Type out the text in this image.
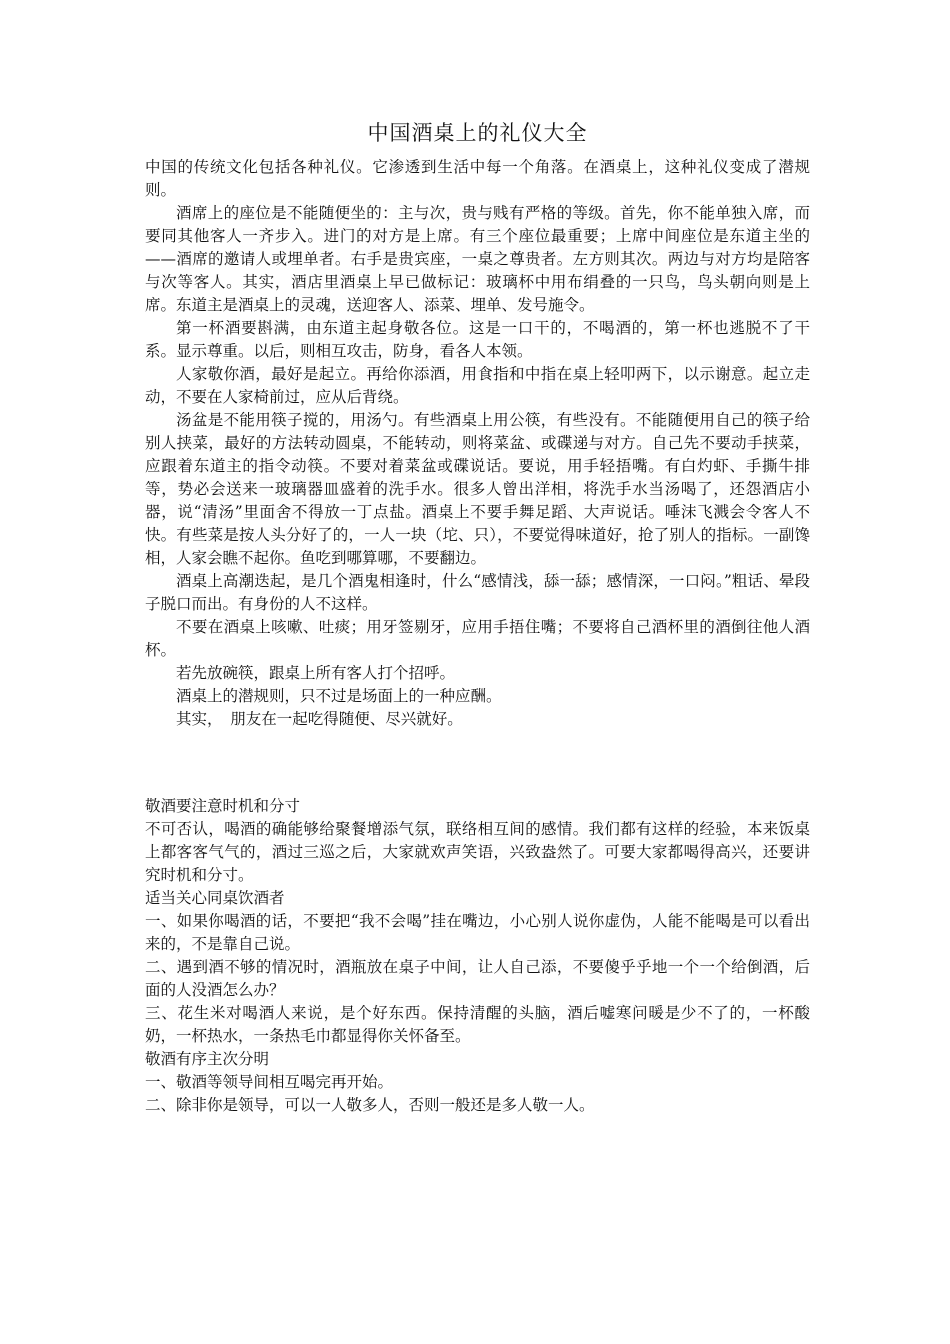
中国酒桌上的礼仪大全

中国的传统文化包括各种礼仪。它渗透到生活中每一个角落。在酒桌上，这种礼仪变成了潜规则。

酒席上的座位是不能随便坐的：主与次，贵与贱有严格的等级。首先，你不能单独入席，而要同其他客人一齐步入。进门的对方是上席。有三个座位最重要；上席中间座位是东道主坐的——酒席的邀请人或埋单者。右手是贵宾座，一桌之尊贵者。左方则其次。两边与对方均是陪客与次等客人。其实，酒店里酒桌上早已做标记：玻璃杯中用布绢叠的一只鸟，鸟头朝向则是上席。东道主是酒桌上的灵魂，送迎客人、添菜、埋单、发号施令。

第一杯酒要斟满，由东道主起身敬各位。这是一口干的，不喝酒的，第一杯也逃脱不了干系。显示尊重。以后，则相互攻击，防身，看各人本领。

人家敬你酒，最好是起立。再给你添酒，用食指和中指在桌上轻叩两下，以示谢意。起立走动，不要在人家椅前过，应从后背绕。

汤盆是不能用筷子搅的，用汤勺。有些酒桌上用公筷，有些没有。不能随便用自己的筷子给别人挟菜，最好的方法转动圆桌，不能转动，则将菜盆、或碟递与对方。自己先不要动手挟菜，应跟着东道主的指令动筷。不要对着菜盆或碟说话。要说，用手轻捂嘴。有白灼虾、手撕牛排等，势必会送来一玻璃器皿盛着的洗手水。很多人曾出洋相，将洗手水当汤喝了，还怨酒店小器，说“清汤”里面舍不得放一丁点盐。酒桌上不要手舞足蹈、大声说话。唾沫飞溅会令客人不快。有些菜是按人头分好了的，一人一块（坨、只），不要觉得味道好，抢了别人的指标。一副馋相，人家会瞧不起你。鱼吃到哪算哪，不要翻边。

酒桌上高潮迭起，是几个酒鬼相逢时，什么“感情浅，舔一舔；感情深，一口闷。”粗话、晕段子脱口而出。有身份的人不这样。

不要在酒桌上咳嗽、吐痰；用牙签剔牙，应用手捂住嘴；不要将自己酒杯里的酒倒往他人酒杯。

若先放碗筷，跟桌上所有客人打个招呼。

酒桌上的潜规则，只不过是场面上的一种应酬。

其实，　朋友在一起吃得随便、尽兴就好。

敬酒要注意时机和分寸

不可否认，喝酒的确能够给聚餐增添气氛，联络相互间的感情。我们都有这样的经验，本来饭桌上都客客气气的，酒过三巡之后，大家就欢声笑语，兴致盎然了。可要大家都喝得高兴，还要讲究时机和分寸。

适当关心同桌饮酒者

一、如果你喝酒的话，不要把“我不会喝”挂在嘴边，小心别人说你虚伪，人能不能喝是可以看出来的，不是靠自己说。

二、遇到酒不够的情况时，酒瓶放在桌子中间，让人自己添，不要傻乎乎地一个一个给倒酒，后面的人没酒怎么办？

三、花生米对喝酒人来说，是个好东西。保持清醒的头脑，酒后嘘寒问暖是少不了的，一杯酸奶，一杯热水，一条热毛巾都显得你关怀备至。

敬酒有序主次分明

一、敬酒等领导间相互喝完再开始。

二、除非你是领导，可以一人敬多人，否则一般还是多人敬一人。
